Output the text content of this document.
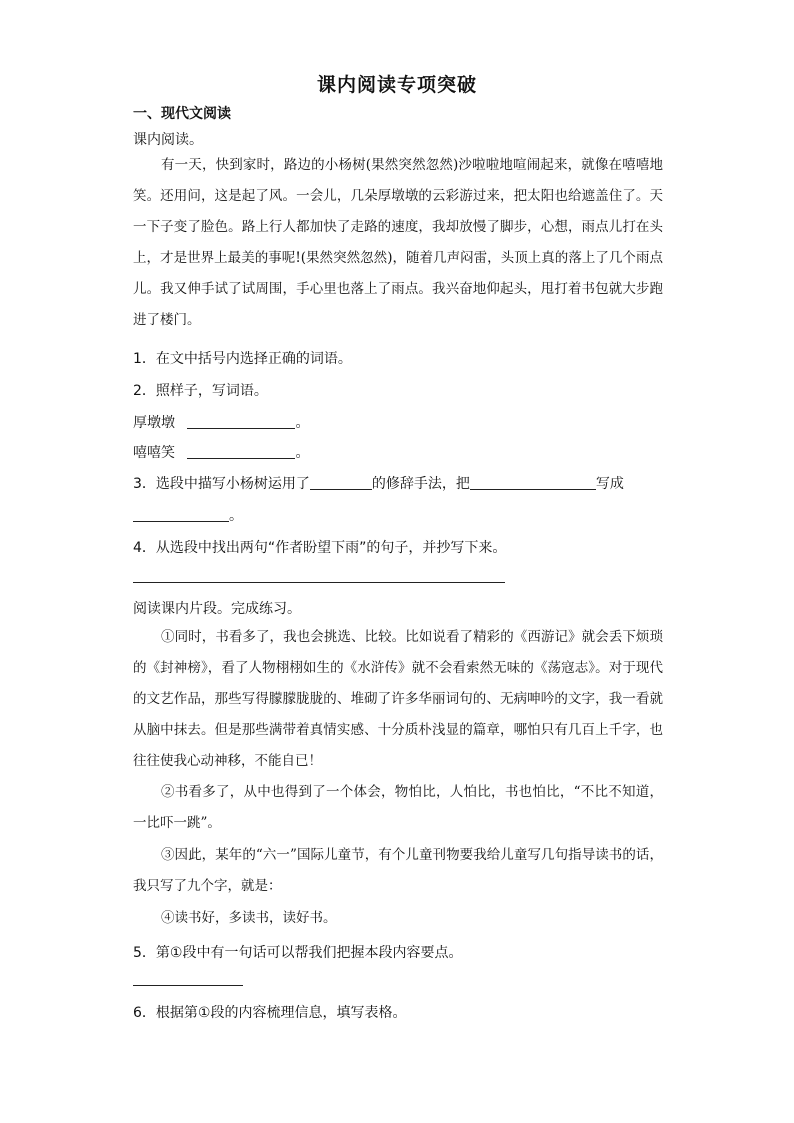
课内阅读专项突破
一、现代文阅读
课内阅读。
有一天，快到家时，路边的小杨树(果然突然忽然)沙啦啦地喧闹起来，就像在嘻嘻地笑。还用问，这是起了风。一会儿，几朵厚墩墩的云彩游过来，把太阳也给遮盖住了。天一下子变了脸色。路上行人都加快了走路的速度，我却放慢了脚步，心想，雨点儿打在头上，才是世界上最美的事呢!(果然突然忽然)，随着几声闷雷，头顶上真的落上了几个雨点儿。我又伸手试了试周围，手心里也落上了雨点。我兴奋地仰起头，甩打着书包就大步跑进了楼门。
1．在文中括号内选择正确的词语。
2．照样子，写词语。
厚墩墩	。
嘻嘻笑	。
3．选段中描写小杨树运用了	的修辞手法，把	写成
。
4．从选段中找出两句“作者盼望下雨”的句子，并抄写下来。
阅读课内片段。完成练习。
①同时，书看多了，我也会挑选、比较。比如说看了精彩的《西游记》就会丢下烦琐的《封神榜》，看了人物栩栩如生的《水浒传》就不会看索然无味的《荡寇志》。对于现代的文艺作品，那些写得朦朦胧胧的、堆砌了许多华丽词句的、无病呻吟的文字，我一看就从脑中抹去。但是那些满带着真情实感、十分质朴浅显的篇章，哪怕只有几百上千字，也往往使我心动神移，不能自已！
②书看多了，从中也得到了一个体会，物怕比，人怕比，书也怕比，“不比不知道，一比吓一跳”。
③因此，某年的“六一”国际儿童节，有个儿童刊物要我给儿童写几句指导读书的话，我只写了九个字，就是：
④读书好，多读书，读好书。
5．第①段中有一句话可以帮我们把握本段内容要点。
6．根据第①段的内容梳理信息，填写表格。
